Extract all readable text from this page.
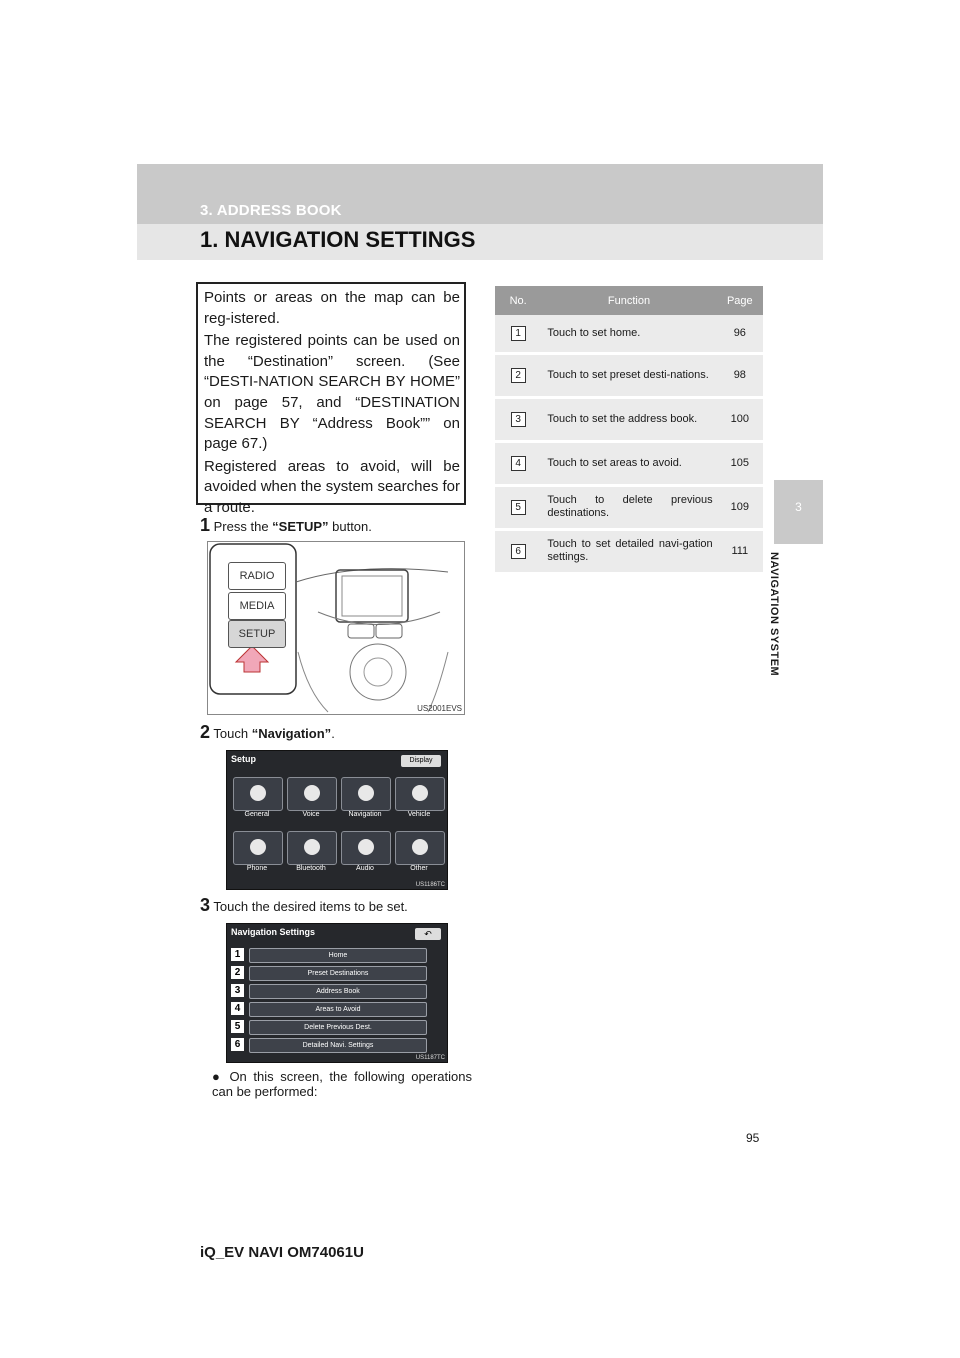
3. ADDRESS BOOK
1. NAVIGATION SETTINGS
3
NAVIGATION SYSTEM

Points or areas on the map can be reg-istered.

The registered points can be used on the “Destination” screen. (See “DESTI-NATION SEARCH BY HOME” on page 57, and “DESTINATION SEARCH BY “Address Book”” on page 67.)

Registered areas to avoid, will be avoided when the system searches for a route.

1 Press the “SETUP” button.
RADIO
MEDIA
SETUP
US2001EVS
2 Touch “Navigation”.
Setup	Display
General	Voice	Navigation	Vehicle
Phone	Bluetooth	Audio	Other
US1186TC
3 Touch the desired items to be set.
Navigation Settings	↶
1	Home
2	Preset Destinations
3	Address Book
4	Areas to Avoid
5	Delete Previous Dest.
6	Detailed Navi. Settings
US1187TC
● On this screen, the following operations can be performed:
No.	Function	Page
1	Touch to set home.	96
2	Touch to set preset desti-nations.	98
3	Touch to set the address book.	100
4	Touch to set areas to avoid.	105
5	Touch to delete previous destinations.	109
6	Touch to set detailed navi-gation settings.	111
95
iQ_EV NAVI OM74061U
